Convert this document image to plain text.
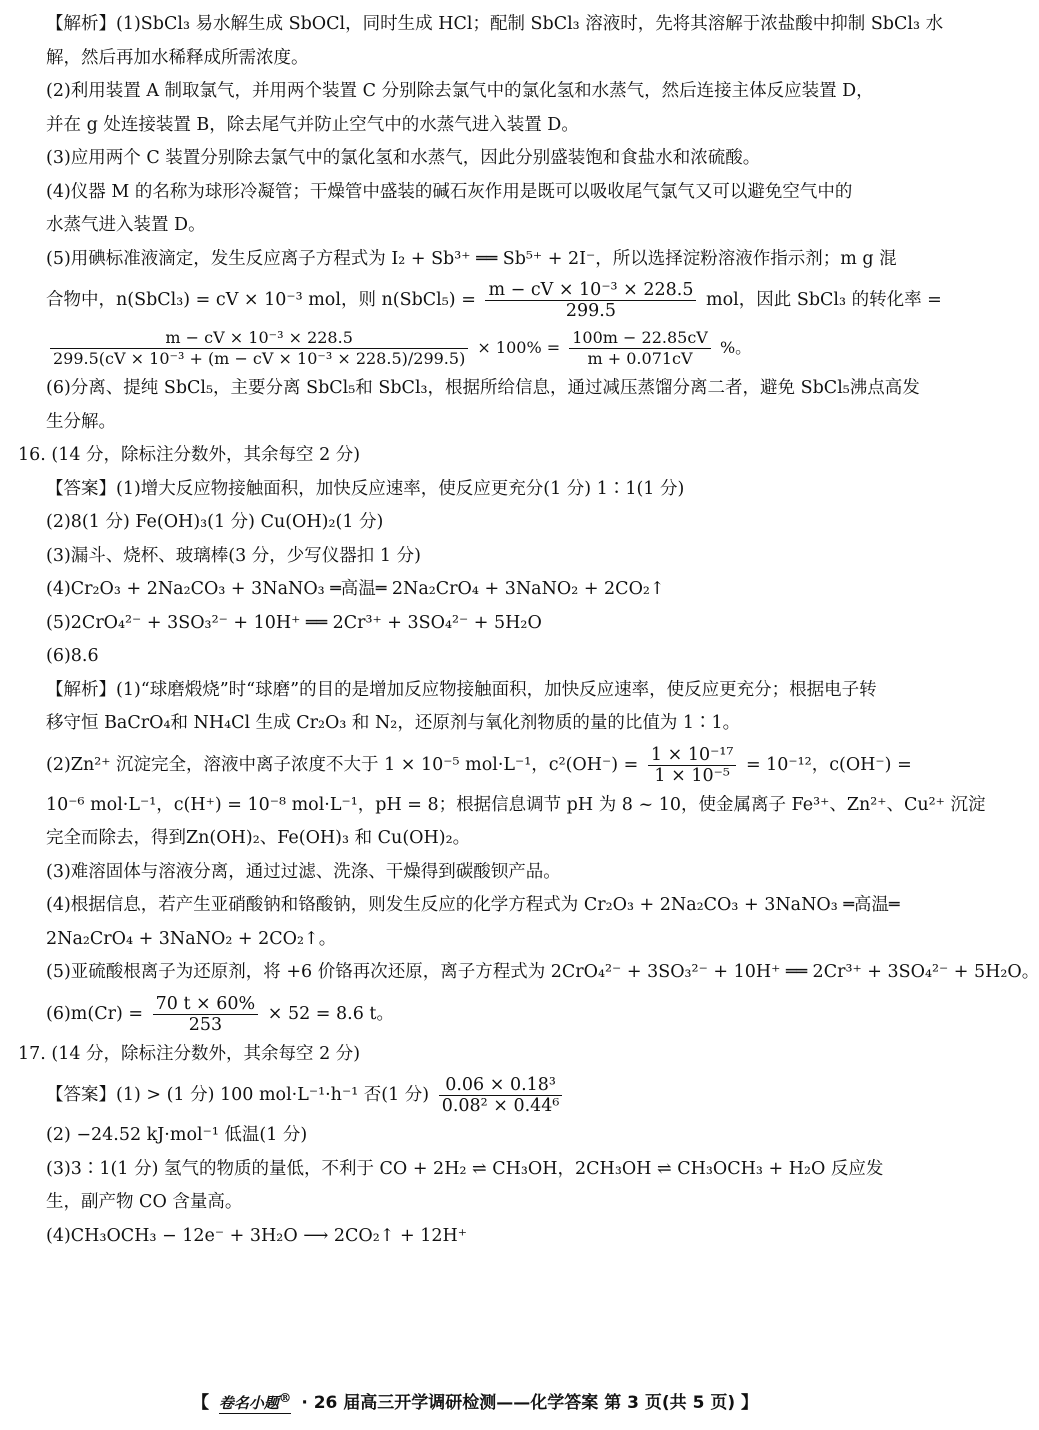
【解析】(1)SbCl₃ 易水解生成 SbOCl，同时生成 HCl；配制 SbCl₃ 溶液时，先将其溶解于浓盐酸中抑制 SbCl₃ 水
解，然后再加水稀释成所需浓度。
(2)利用装置 A 制取氯气，并用两个装置 C 分别除去氯气中的氯化氢和水蒸气，然后连接主体反应装置 D，
并在 g 处连接装置 B，除去尾气并防止空气中的水蒸气进入装置 D。
(3)应用两个 C 装置分别除去氯气中的氯化氢和水蒸气，因此分别盛装饱和食盐水和浓硫酸。
(4)仪器 M 的名称为球形冷凝管；干燥管中盛装的碱石灰作用是既可以吸收尾气氯气又可以避免空气中的
水蒸气进入装置 D。
(5)用碘标准液滴定，发生反应离子方程式为 I₂ + Sb³⁺ ══ Sb⁵⁺ + 2I⁻，所以选择淀粉溶液作指示剂；m g 混
合物中，n(SbCl₃) = cV × 10⁻³ mol，则 n(SbCl₅) = $\frac{\text{m − cV × 10⁻³ × 228.5}}{299.5}$ mol，因此 SbCl₃ 的转化率 =
$\frac{\text{m − cV × 10⁻³ × 228.5}}{\text{299.5(cV × 10⁻³ + (m − cV × 10⁻³ × 228.5)/299.5)}} \times 100\% = \frac{100m - 22.85cV}{m + 0.071cV}$ %。
(6)分离、提纯 SbCl₅，主要分离 SbCl₅和 SbCl₃，根据所给信息，通过减压蒸馏分离二者，避免 SbCl₅沸点高发
生分解。
16. (14 分，除标注分数外，其余每空 2 分)
【答案】(1)增大反应物接触面积，加快反应速率，使反应更充分(1 分) 1∶1(1 分)
(2)8(1 分) Fe(OH)₃(1 分) Cu(OH)₂(1 分)
(3)漏斗、烧杯、玻璃棒(3 分，少写仪器扣 1 分)
(4)Cr₂O₃ + 2Na₂CO₃ + 3NaNO₃ ═高温═ 2Na₂CrO₄ + 3NaNO₂ + 2CO₂↑
(5)2CrO₄²⁻ + 3SO₃²⁻ + 10H⁺ ══ 2Cr³⁺ + 3SO₄²⁻ + 5H₂O
(6)8.6
【解析】(1)“球磨煅烧”时“球磨”的目的是增加反应物接触面积，加快反应速率，使反应更充分；根据电子转
移守恒 BaCrO₄和 NH₄Cl 生成 Cr₂O₃ 和 N₂，还原剂与氧化剂物质的量的比值为 1∶1。
(2)Zn²⁺ 沉淀完全，溶液中离子浓度不大于 1 × 10⁻⁵ mol·L⁻¹，$c^2(OH^-) = \frac{\text{1 × 10⁻¹⁷}}{\text{1 × 10⁻⁵}} = 10^{-12}$，c(OH⁻) =
10⁻⁶ mol·L⁻¹，c(H⁺) = 10⁻⁸ mol·L⁻¹，pH = 8；根据信息调节 pH 为 8 ~ 10，使金属离子 Fe³⁺、Zn²⁺、Cu²⁺ 沉淀
完全而除去，得到Zn(OH)₂、Fe(OH)₃ 和 Cu(OH)₂。
(3)难溶固体与溶液分离，通过过滤、洗涤、干燥得到碳酸钡产品。
(4)根据信息，若产生亚硝酸钠和铬酸钠，则发生反应的化学方程式为 Cr₂O₃ + 2Na₂CO₃ + 3NaNO₃ ═高温═
2Na₂CrO₄ + 3NaNO₂ + 2CO₂↑。
(5)亚硫酸根离子为还原剂，将 +6 价铬再次还原，离子方程式为 2CrO₄²⁻ + 3SO₃²⁻ + 10H⁺ ══ 2Cr³⁺ + 3SO₄²⁻ + 5H₂O。
$(6)m(Cr) = \frac{70 t \times 60\%}{253} \times 52 = 8.6$ t。
17. (14 分，除标注分数外，其余每空 2 分)
【答案】(1) > (1 分) 100 mol·L⁻¹·h⁻¹ 否(1 分) $\frac{\text{0.06 × 0.18³}}{\text{0.08² × 0.44⁶}}$
(2) −24.52 kJ·mol⁻¹ 低温(1 分)
(3)3∶1(1 分) 氢气的物质的量低，不利于 CO + 2H₂ ⇌ CH₃OH，2CH₃OH ⇌ CH₃OCH₃ + H₂O 反应发
生，副产物 CO 含量高。
(4)CH₃OCH₃ − 12e⁻ + 3H₂O ⟶ 2CO₂↑ + 12H⁺
【 卷名小题® · 26 届高三开学调研检测——化学答案 第 3 页(共 5 页) 】
